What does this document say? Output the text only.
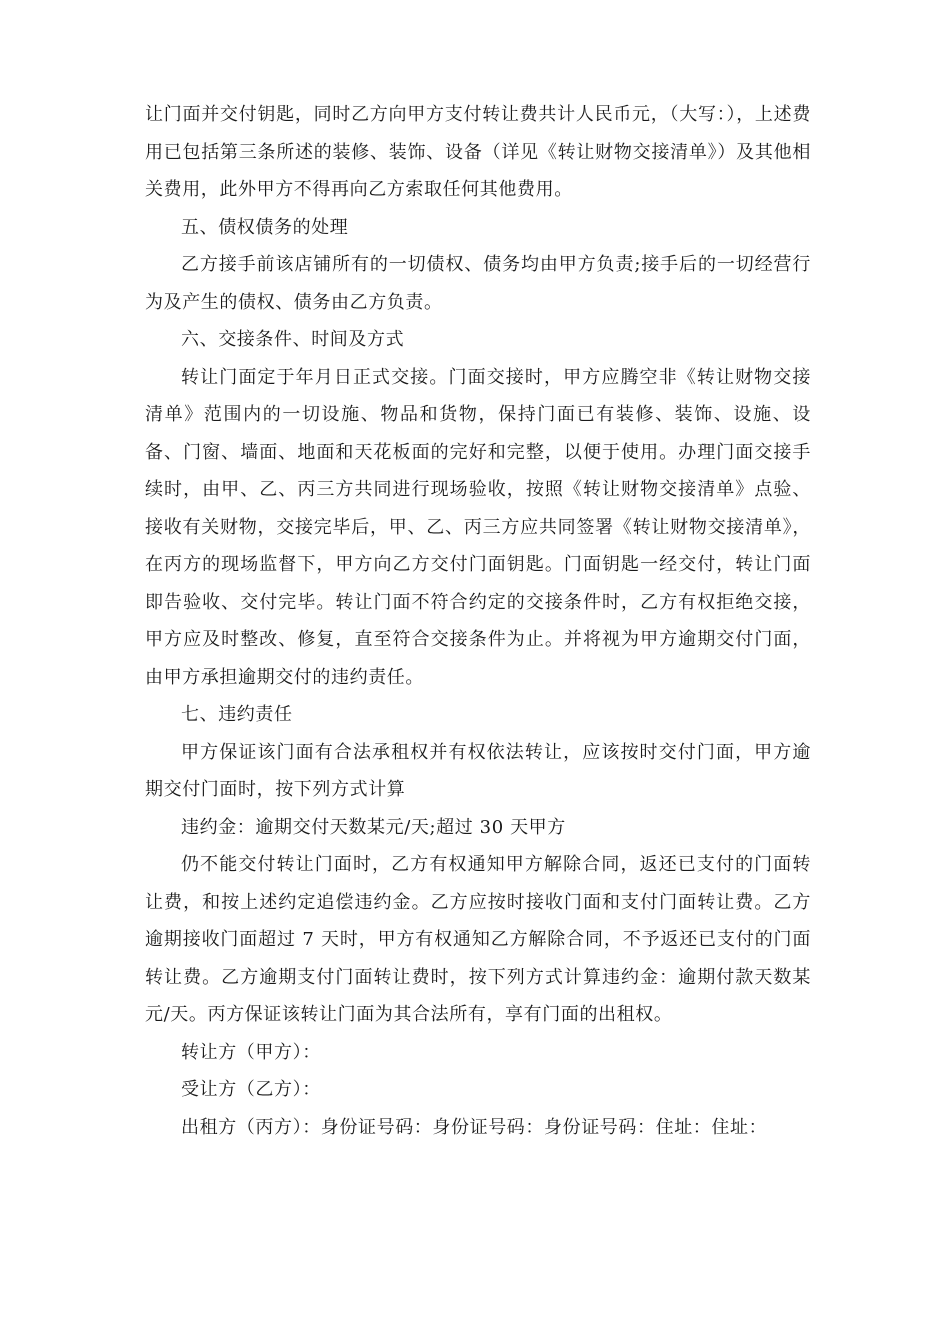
让门面并交付钥匙，同时乙方向甲方支付转让费共计人民币元，（大写：），上述费用已包括第三条所述的装修、装饰、设备（详见《转让财物交接清单》）及其他相关费用，此外甲方不得再向乙方索取任何其他费用。

五、债权债务的处理

乙方接手前该店铺所有的一切债权、债务均由甲方负责;接手后的一切经营行为及产生的债权、债务由乙方负责。

六、交接条件、时间及方式

转让门面定于年月日正式交接。门面交接时，甲方应腾空非《转让财物交接清单》范围内的一切设施、物品和货物，保持门面已有装修、装饰、设施、设备、门窗、墙面、地面和天花板面的完好和完整，以便于使用。办理门面交接手续时，由甲、乙、丙三方共同进行现场验收，按照《转让财物交接清单》点验、接收有关财物，交接完毕后，甲、乙、丙三方应共同签署《转让财物交接清单》，在丙方的现场监督下，甲方向乙方交付门面钥匙。门面钥匙一经交付，转让门面即告验收、交付完毕。转让门面不符合约定的交接条件时，乙方有权拒绝交接，甲方应及时整改、修复，直至符合交接条件为止。并将视为甲方逾期交付门面，由甲方承担逾期交付的违约责任。

七、违约责任

甲方保证该门面有合法承租权并有权依法转让，应该按时交付门面，甲方逾期交付门面时，按下列方式计算

违约金：逾期交付天数某元/天;超过 30 天甲方

仍不能交付转让门面时，乙方有权通知甲方解除合同，返还已支付的门面转让费，和按上述约定追偿违约金。乙方应按时接收门面和支付门面转让费。乙方逾期接收门面超过 7 天时，甲方有权通知乙方解除合同，不予返还已支付的门面转让费。乙方逾期支付门面转让费时，按下列方式计算违约金：逾期付款天数某元/天。丙方保证该转让门面为其合法所有，享有门面的出租权。

转让方（甲方）：

受让方（乙方）：

出租方（丙方）：身份证号码：身份证号码：身份证号码：住址：住址：
